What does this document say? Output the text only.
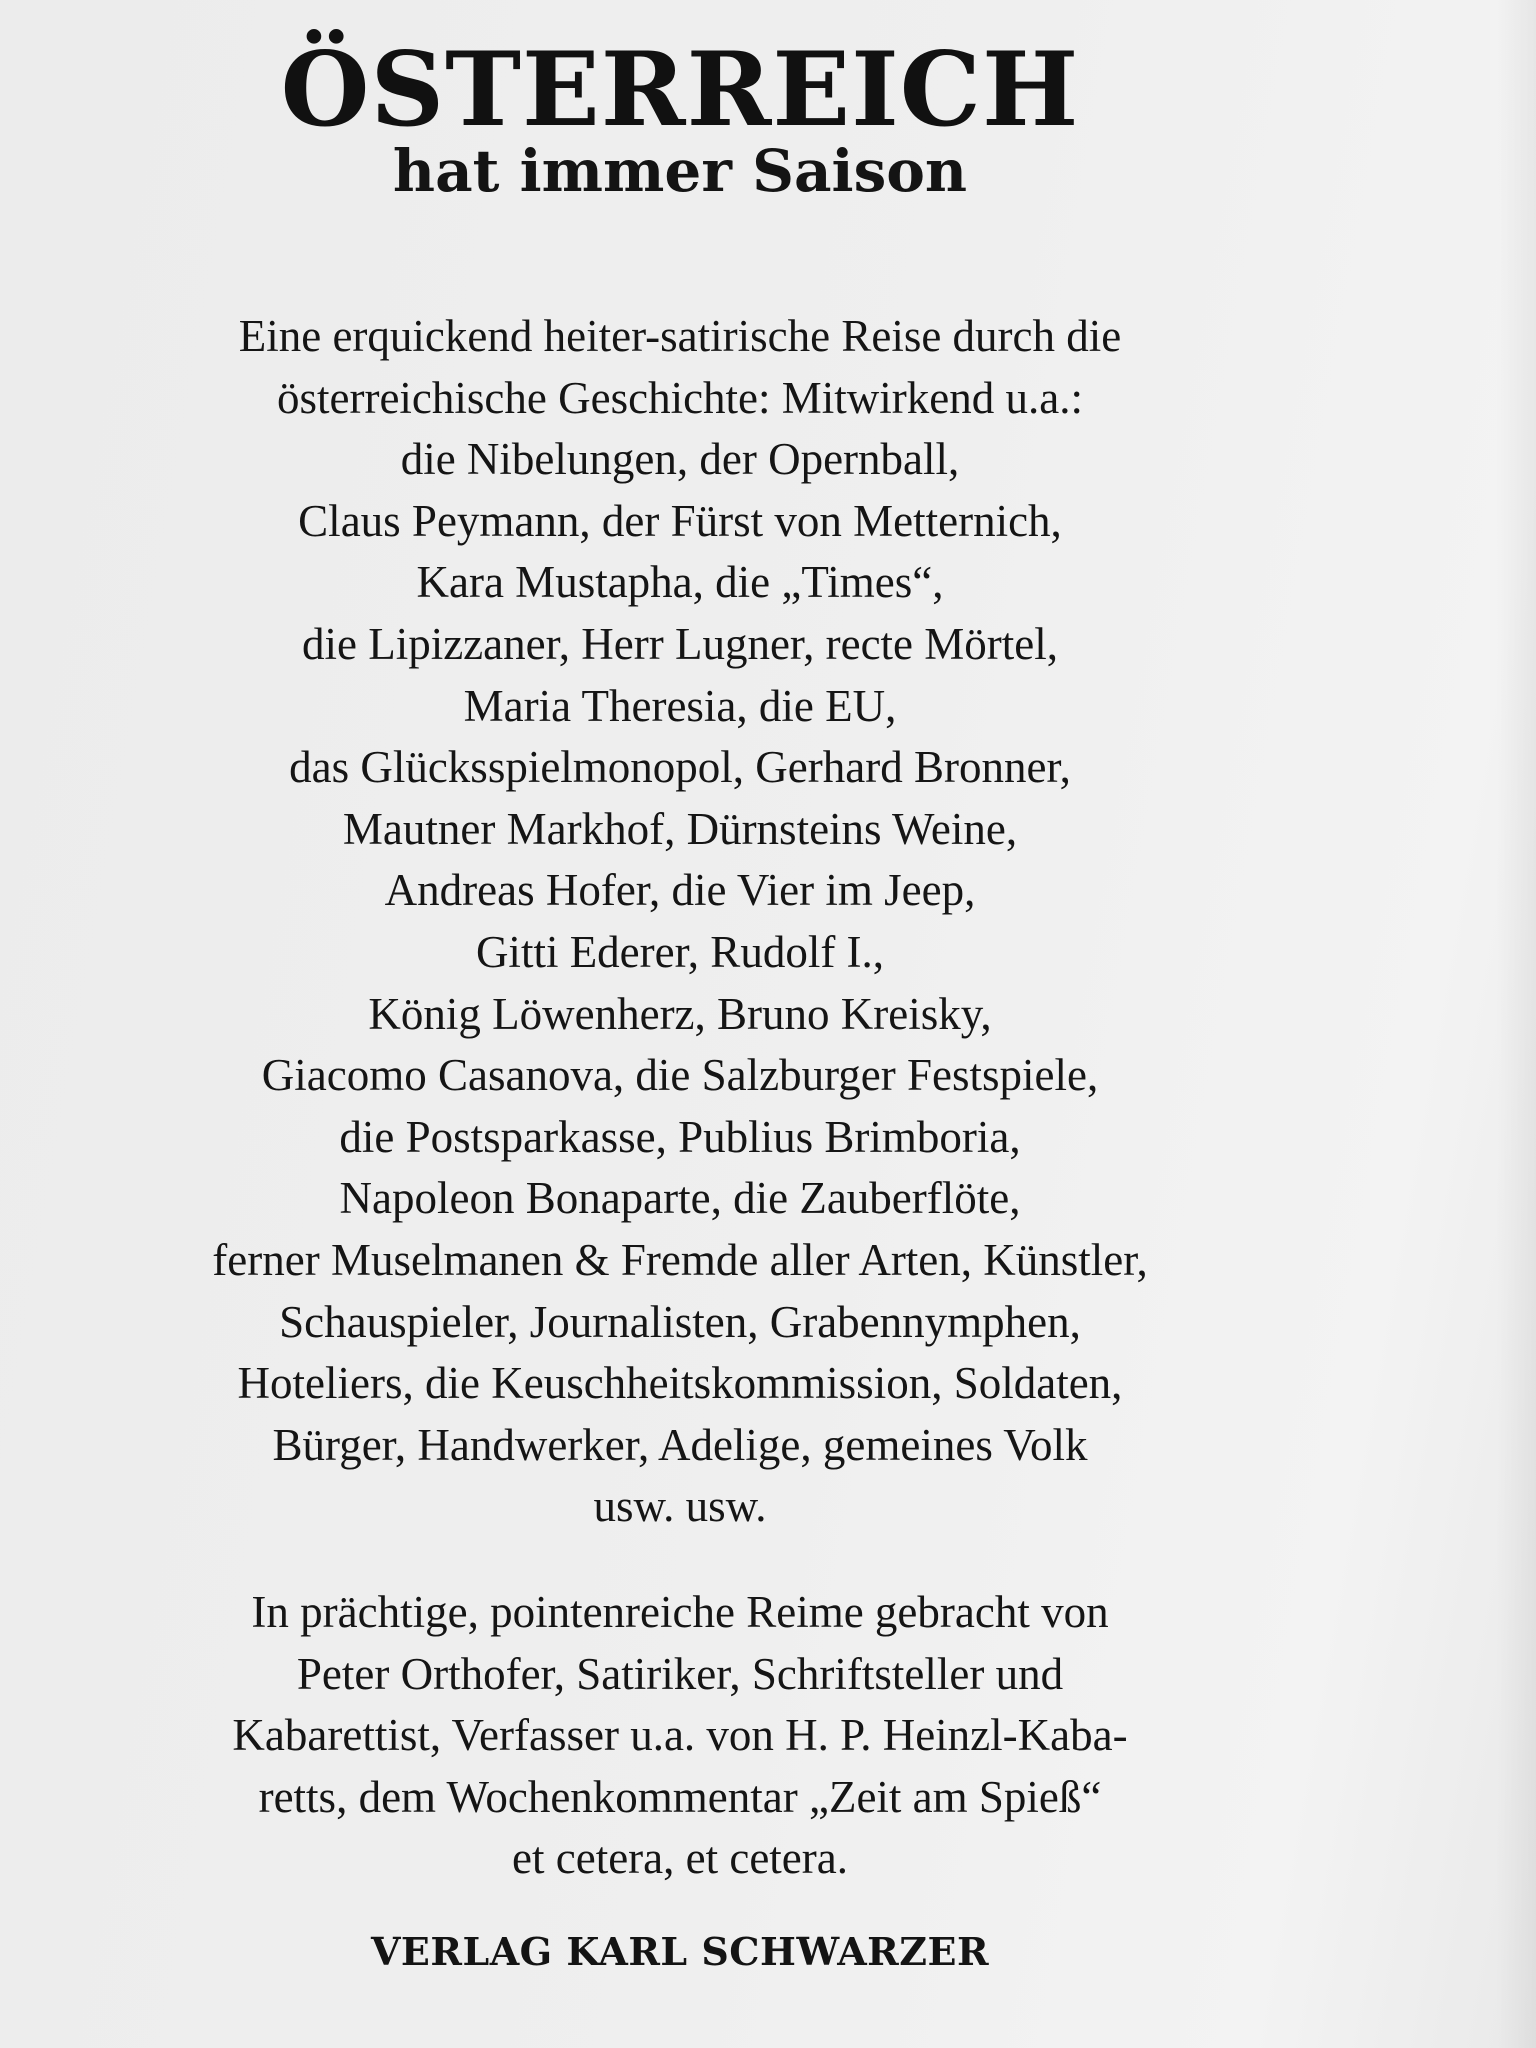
ÖSTERREICH
hat immer Saison
Eine erquickend heiter-satirische Reise durch die
österreichische Geschichte: Mitwirkend u.a.:
die Nibelungen, der Opernball,
Claus Peymann, der Fürst von Metternich,
Kara Mustapha, die „Times“,
die Lipizzaner, Herr Lugner, recte Mörtel,
Maria Theresia, die EU,
das Glücksspielmonopol, Gerhard Bronner,
Mautner Markhof, Dürnsteins Weine,
Andreas Hofer, die Vier im Jeep,
Gitti Ederer, Rudolf I.,
König Löwenherz, Bruno Kreisky,
Giacomo Casanova, die Salzburger Festspiele,
die Postsparkasse, Publius Brimboria,
Napoleon Bonaparte, die Zauberflöte,
ferner Muselmanen & Fremde aller Arten, Künstler,
Schauspieler, Journalisten, Grabennymphen,
Hoteliers, die Keuschheitskommission, Soldaten,
Bürger, Handwerker, Adelige, gemeines Volk
usw. usw.
In prächtige, pointenreiche Reime gebracht von
Peter Orthofer, Satiriker, Schriftsteller und
Kabarettist, Verfasser u.a. von H. P. Heinzl-Kaba-
retts, dem Wochenkommentar „Zeit am Spieß“
et cetera, et cetera.
VERLAG KARL SCHWARZER
